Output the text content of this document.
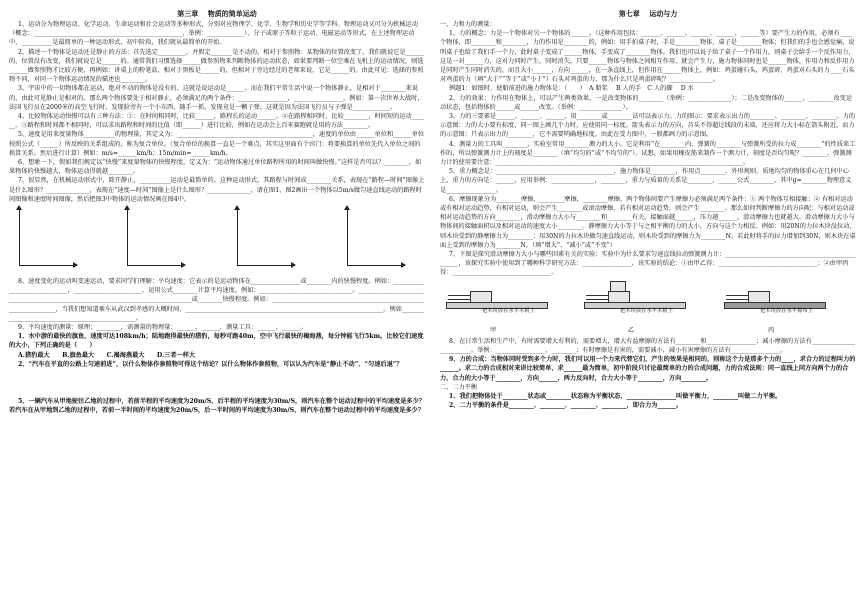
第三章　 物质的简单运动

1、运动分为物理运动、化学运动、生命运动和社会运动等多种形式，分别对应物理学、化学、生物学和历史学等学科。物理运动又可分为机械运动（概念：________________________________________________，举例：____________）、分子或原子等粒子运动、电磁运动等形式，在上述物理运动中，__________是最简单的一种运动形式，初中阶段，我们就从最简单的开始。

2、描述一个物体是运动还是静止的方法：首先选定_________，并假定_______是不动的，相对于参照物：某物体的位置改变了，我们就说它是______的，位置没有改变，我们就说它是______的。通常我们习惯选择______做参照物来判断物体的运动状态，如果要判断一位空乘在飞机上的运动情况，则选______做参照物才比较方便，再例如：讲桌上的粉笔盒，相对于黑板是______的，但相对于旁边经过的老师来说，它是______的。由此可见：选择的参照物不同，对同一个物体运动情况的描述也________。

3、宇宙中的一切物体都在运动，绝对不动的物体是没有的。这就是说运动是______。而在我们平常生活中说一个物体静止，是相对于________来说的，由此可见静止是相对的。那么两个物体要处于相对静止，必须满足的两个条件：________________，________________。例如：第一次世界大战时，法国飞行员在2000米的高空飞行时，发现脸旁有一个小东西，随手一抓，发现竟是一颗子弹，这就是因为法国飞行员与子弹是____________。

4、比较物体运动快慢可以有三种方法：①：在时间相同时，比较______，路程长的运动______。②在路程相同时，比较________，时间短的运动______。③路程和时间都不相同时，可以求出路程和时间的比值（即______）进行比较，例如在运动会上百米赛跑就是用的方法________。

5、速度是用来度量物体__________的物理量，其定义为：____________________________________________，速度的单位由______单位和______单位按照公式（______）所反映的关系组成的，称为复合单位。（复合单位的换算一直是一个难点，其实这里面有个窍门：将要换算的单位先代入单位之间的换算关系。然后进行计算）例如：m/s=______km/h；15m/min=______km/h。

6、想象一下，假如我们规定以“快慢”来度量物体的快慢程度，定义为：“运动物体通过单位路程所用的时间叫做快慢。”这样是否可以？________，如果物体的快慢越大，物体运动得就越________。

7、很显然，在机械运动形式中，除开静止，__________运动是最简单的。这种运动形式，其路程与时间成________关系，表现在“路程—时间”图像上是什么图形？______________，表现在“速度—时间”图像上是什么图形？______________，请在图1、图2画出一个物体以5m/s做匀速直线运动的路程时间图像和速度时间图像，然后把图3中物体的运动情况画在图4中。

8、速度变化的运动叫变速运动，要求同学们理解：平均速度：它表示的是运动物体在________________或________内的快慢程度。例如：_____________________________，______________________，运用公式________计算平均速度，例如：______________________________。________________________________________________________________________________或________快慢程度。例如：________________________________________________________________，当我们想知道乘车从武汉到孝感的大概时间，________________________________________________________________。例如________________________________________________。

9、平均速度的测量：原理：________，需测量的物理量：______、______，测量工具：______、______。

1、水中游的最快的旗鱼，速度可达108km/h；陆地跑得最快的猎豹，每秒可跑40m，空中飞行最快的褐海燕，每分钟能飞行5km。比较它们速度的大小，下列正确的是（　　）

A.猎豹最大　　B.旗鱼最大　　C.褐海燕最大　　D.三者一样大

2、“汽车在平直的公路上匀速前进”，以什么物体作参照物可得这个结论？以什么物体作参照物，可以认为汽车是“静止不动”、“匀速后退”？

5、一辆汽车从甲地驶往乙地的过程中，若前半程的平均速度为20m/S，后半程的平均速度为30m/S，则汽车在整个运动过程中的平均速度是多少？若汽车在从甲地到乙地的过程中，若前一半时间的平均速度为20m/S，后一半时间的平均速度为30m/S，则汽车在整个运动过程中的平均速度是多少？

第七章　 运动与力

一、力和力的测量：

1、力的概念：力是一个物体对另一个物体的______。（这种作用包括：______、______、______、______、______等）要产生力的作用，必须有____个物体，即________和________，力的作用是________的，例如：用手拍桌子时，手是________物体，桌子是________物体；但我们的手也会感觉痛，说明桌子也给了我们手一个力，此时桌子变成了______物体，手变成了________物体。我们也可以说子给了桌子一个作用力，则桌子会给手一个反作用力，这是一对______力，这对力同时产生，同时消失，只要______物体与物体之间相互作用，就会产生力，施力物体同时也是______物体，作用力和反作用力是同时产生同时消失的，而且大小______，方向______，在一条直线上，但作用在______物体上，例如：鸡蛋碰石头，鸡蛋碎，鸡蛋对石头的力____石头对鸡蛋的力（填“大于”“等于”或“小于”）石头对鸡蛋的力，那为什么只是鸡蛋碎呢？______________。

例题1：如图时，使船前进的施力物体是：（　　）　A 船浆　 B 人的手　C 人的脚　 D 水

2、力的效果：力作用在物体上，可以产生两类效果，一是改变物体的________（举例：______________）；二是改变物体的______、________改变运动状态，包括物体的______或______改变。（举例：______________）。

3、力的三要素是______、______、______，用________或________法可以表示力。力的图示：要求表示出力的________、________、________。力的示意图：力的大小要有标度，同一图上画几个力时，应使用同一标度。箭头表示力的方向，首头不得超过线段的末端，还应将力大小标在箭头附近。而力的示意图：只表示出力的________，它不需要明确地标度。由此在受力图中，一般都画力的示意图。

4、测量力的工具叫________，实验室常用________测力的大小。它是利用“在________内，弹簧的________与弹簧所受的拉力成________”的性质来工作的，所以弹簧测力计上的刻度是________（填“均匀的”或“不均匀的”）。试想，如果用橡皮筋来制作一个测力计，刻度是否均匀呢？________，弹簧测力计的使用要注意：________________________________________________________________________________。

5、重力概念是：______________________________________，施力物体是________，作用点________，外形规则、质地均匀的物体重心在几何中心上，重力的方向是：______，应用举例：______________，________，重力与质量的关系是________，______公式________，其中g=________物理意义是________________。

6、摩擦现象分为________摩擦，________摩擦，________摩擦，两个物体间要产生摩擦力必须满足两个条件：① 两个物体互相接触；② 有相对运动或有相对运动趋势，有相对运动，则会产生________或滚动摩擦，若有相对运动趋势，则会产生________。那么如何判断摩擦力的方向呢：与相对运动或相对运动趋势的方向________，滑动摩擦力大小与________和________有关，接触面越______，压力越______，滑动摩擦力也就越大。滑动摩擦力大小与物体间的接触面积以及相对运动的速度大小________。静摩擦力大小等于与之相平衡的力的大小，方向与这个力相反。例如：用20N的力拉木块没拉动，则木块受到的静摩擦力为________；用30N的力拉木块做匀速直线运动，则木块受到的摩擦力为________N。若此时将手的拉力增加到30N，则木块在桌面上受到的摩擦力为________N。（填“增大”、“减小”或“不变”）

7、下图是探究滑动摩擦力大小与哪些因素有关的实验：实验中为什么要求匀速直线拉动弹簧测力计：________________________________________________，该探究实验中使用到了哪种科学研究方法：________________。该实验的结论：①由甲乙得：________________________________；②由甲丙得：________________________________。

把木块放在水平木板上
甲
把木块放在水平木板上
乙
把木块放在水平棉布上
丙

8、在日常生活和生产中，有时需要增大有利的，需要增大，增大有益摩擦的方法有________和________________；减小摩擦的方法有________________________。举例：________________，________；有时摩擦是有害的，需要减小，减小有害摩擦的方法有________________。

9、力的合成：当物体同时受到多个力时，我们可以用一个力来代替它们，产生的效果是相同的，则称这个力是那多个力的____，求合力的过程叫力的______。求二力的合成相对来讲比较简单，求______最为简单，初中阶段只讨论最简单的力的合成问题，力的合成法则：同一直线上同方向两个力的合力，合力的大小等于________，方向______，两力反向时，合力大小等于________，方向________。

二、二力平衡

1、我们把物体处于________状态或________状态称为平衡状态，________________叫做平衡力，________叫做二力平衡。

2、二力平衡的条件是________、________、________、________，即合力为______。
